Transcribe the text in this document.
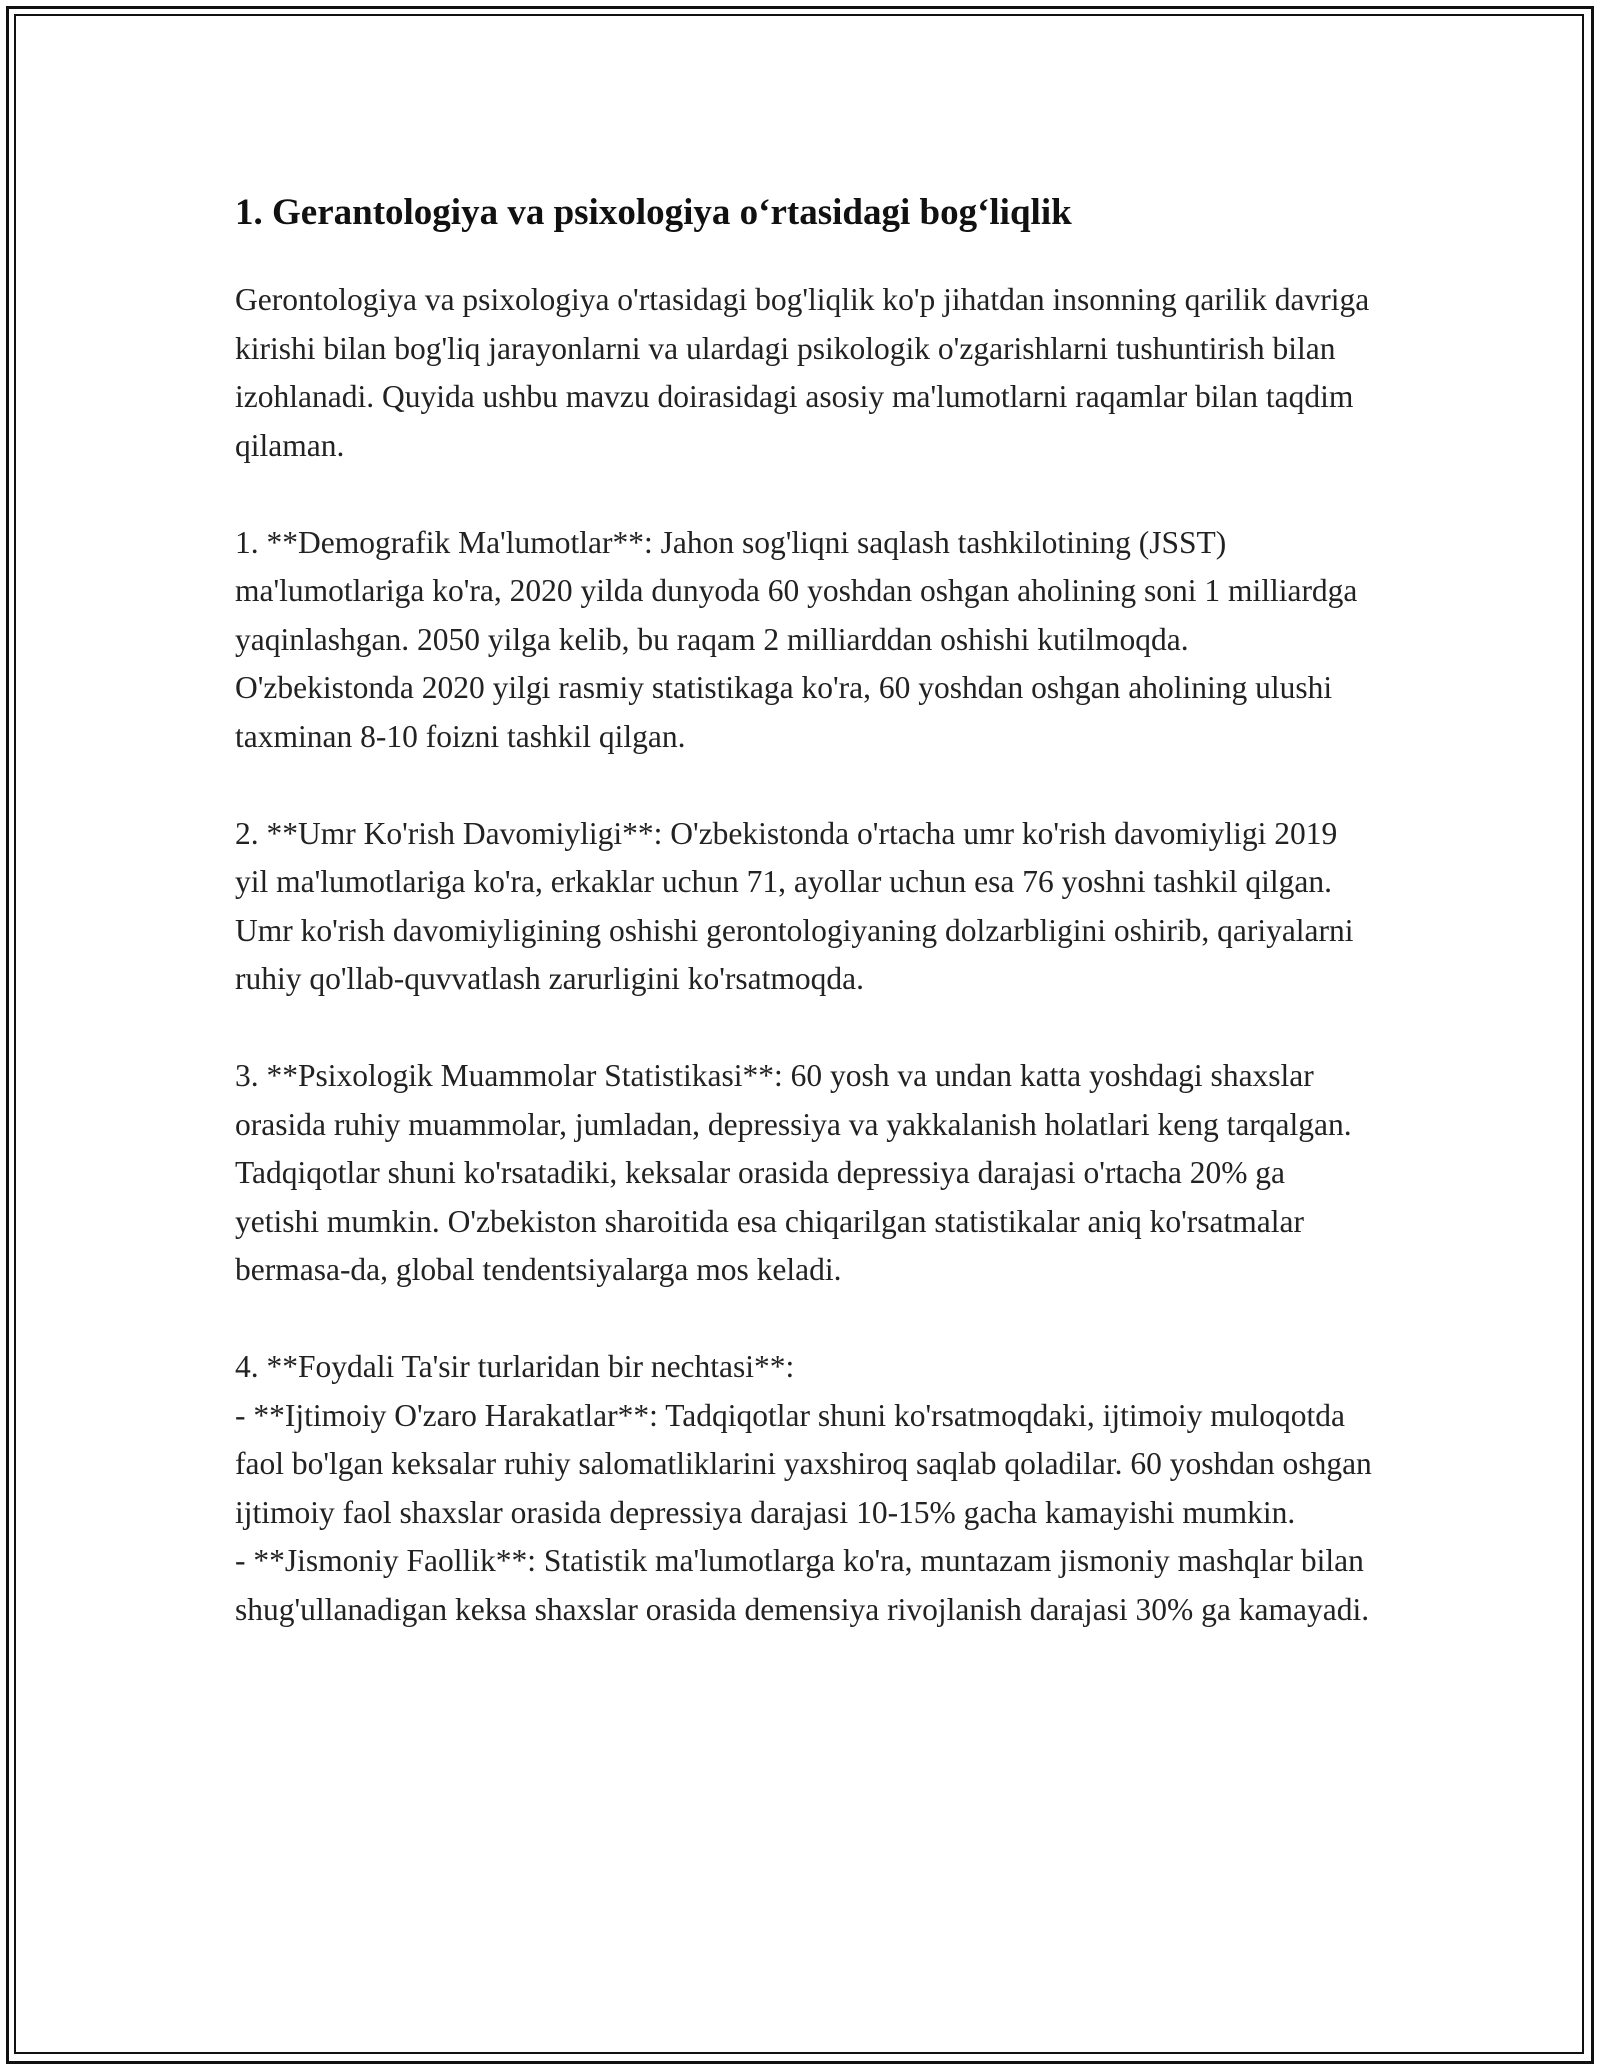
1. Gerantologiya va psixologiya o‘rtasidagi bog‘liqlik

Gerontologiya va psixologiya o'rtasidagi bog'liqlik ko'p jihatdan insonning qarilik davriga kirishi bilan bog'liq jarayonlarni va ulardagi psikologik o'zgarishlarni tushuntirish bilan izohlanadi. Quyida ushbu mavzu doirasidagi asosiy ma'lumotlarni raqamlar bilan taqdim qilaman.

1. **Demografik Ma'lumotlar**: Jahon sog'liqni saqlash tashkilotining (JSST) ma'lumotlariga ko'ra, 2020 yilda dunyoda 60 yoshdan oshgan aholining soni 1 milliardga yaqinlashgan. 2050 yilga kelib, bu raqam 2 milliarddan oshishi kutilmoqda. O'zbekistonda 2020 yilgi rasmiy statistikaga ko'ra, 60 yoshdan oshgan aholining ulushi taxminan 8-10 foizni tashkil qilgan.

2. **Umr Ko'rish Davomiyligi**: O'zbekistonda o'rtacha umr ko'rish davomiyligi 2019 yil ma'lumotlariga ko'ra, erkaklar uchun 71, ayollar uchun esa 76 yoshni tashkil qilgan. Umr ko'rish davomiyligining oshishi gerontologiyaning dolzarbligini oshirib, qariyalarni ruhiy qo'llab-quvvatlash zarurligini ko'rsatmoqda.

3. **Psixologik Muammolar Statistikasi**: 60 yosh va undan katta yoshdagi shaxslar orasida ruhiy muammolar, jumladan, depressiya va yakkalanish holatlari keng tarqalgan. Tadqiqotlar shuni ko'rsatadiki, keksalar orasida depressiya darajasi o'rtacha 20% ga yetishi mumkin. O'zbekiston sharoitida esa chiqarilgan statistikalar aniq ko'rsatmalar bermasa-da, global tendentsiyalarga mos keladi.

4. **Foydali Ta'sir turlaridan bir nechtasi**:
- **Ijtimoiy O'zaro Harakatlar**: Tadqiqotlar shuni ko'rsatmoqdaki, ijtimoiy muloqotda faol bo'lgan keksalar ruhiy salomatliklarini yaxshiroq saqlab qoladilar. 60 yoshdan oshgan ijtimoiy faol shaxslar orasida depressiya darajasi 10-15% gacha kamayishi mumkin.
- **Jismoniy Faollik**: Statistik ma'lumotlarga ko'ra, muntazam jismoniy mashqlar bilan shug'ullanadigan keksa shaxslar orasida demensiya rivojlanish darajasi 30% ga kamayadi.
